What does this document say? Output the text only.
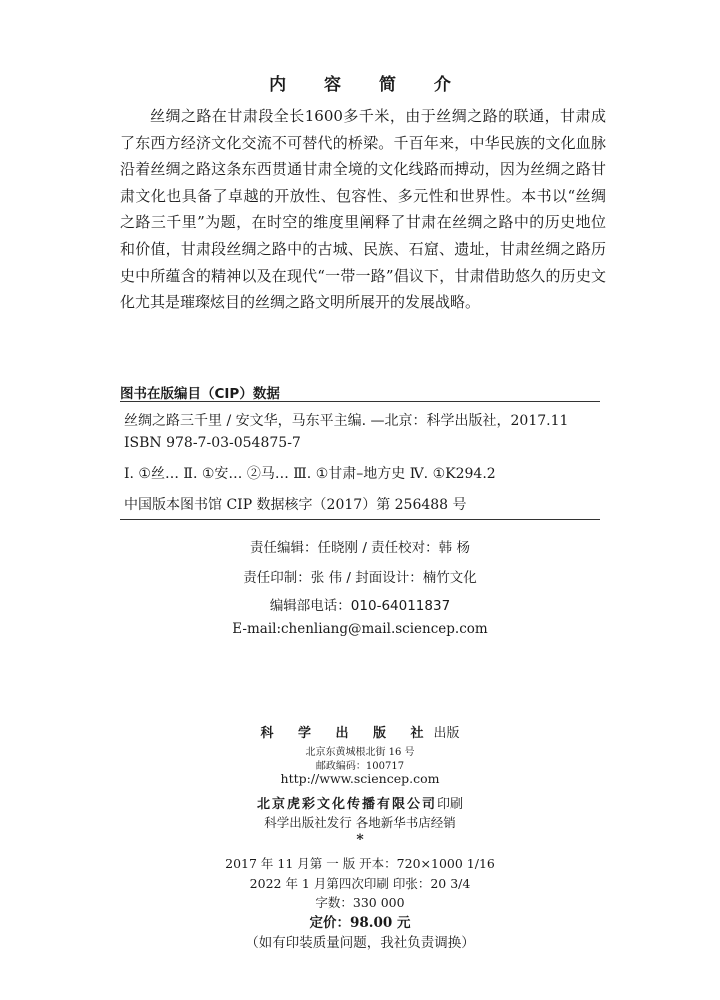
内 容 简 介
丝绸之路在甘肃段全长1600多千米，由于丝绸之路的联通，甘肃成了东西方经济文化交流不可替代的桥梁。千百年来，中华民族的文化血脉沿着丝绸之路这条东西贯通甘肃全境的文化线路而搏动，因为丝绸之路甘肃文化也具备了卓越的开放性、包容性、多元性和世界性。本书以“丝绸之路三千里”为题，在时空的维度里阐释了甘肃在丝绸之路中的历史地位和价值，甘肃段丝绸之路中的古城、民族、石窟、遗址，甘肃丝绸之路历史中所蕴含的精神以及在现代“一带一路”倡议下，甘肃借助悠久的历史文化尤其是璀璨炫目的丝绸之路文明所展开的发展战略。
图书在版编目（CIP）数据
丝绸之路三千里 / 安文华，马东平主编. —北京：科学出版社，2017.11
ISBN 978-7-03-054875-7
Ⅰ. ①丝… Ⅱ. ①安… ②马… Ⅲ. ①甘肃–地方史 Ⅳ. ①K294.2
中国版本图书馆 CIP 数据核字（2017）第 256488 号
责任编辑：任晓刚 / 责任校对：韩 杨
责任印制：张 伟 / 封面设计：楠竹文化
编辑部电话：010-64011837
E-mail:chenliang@mail.sciencep.com
科 学 出 版 社出版
北京东黄城根北街 16 号
邮政编码：100717
http://www.sciencep.com
北京虎彩文化传播有限公司印刷
科学出版社发行 各地新华书店经销
*
2017 年 11 月第 一 版 开本：720×1000 1/16
2022 年 1 月第四次印刷 印张：20 3/4
字数：330 000
定价：98.00 元
（如有印装质量问题，我社负责调换）
